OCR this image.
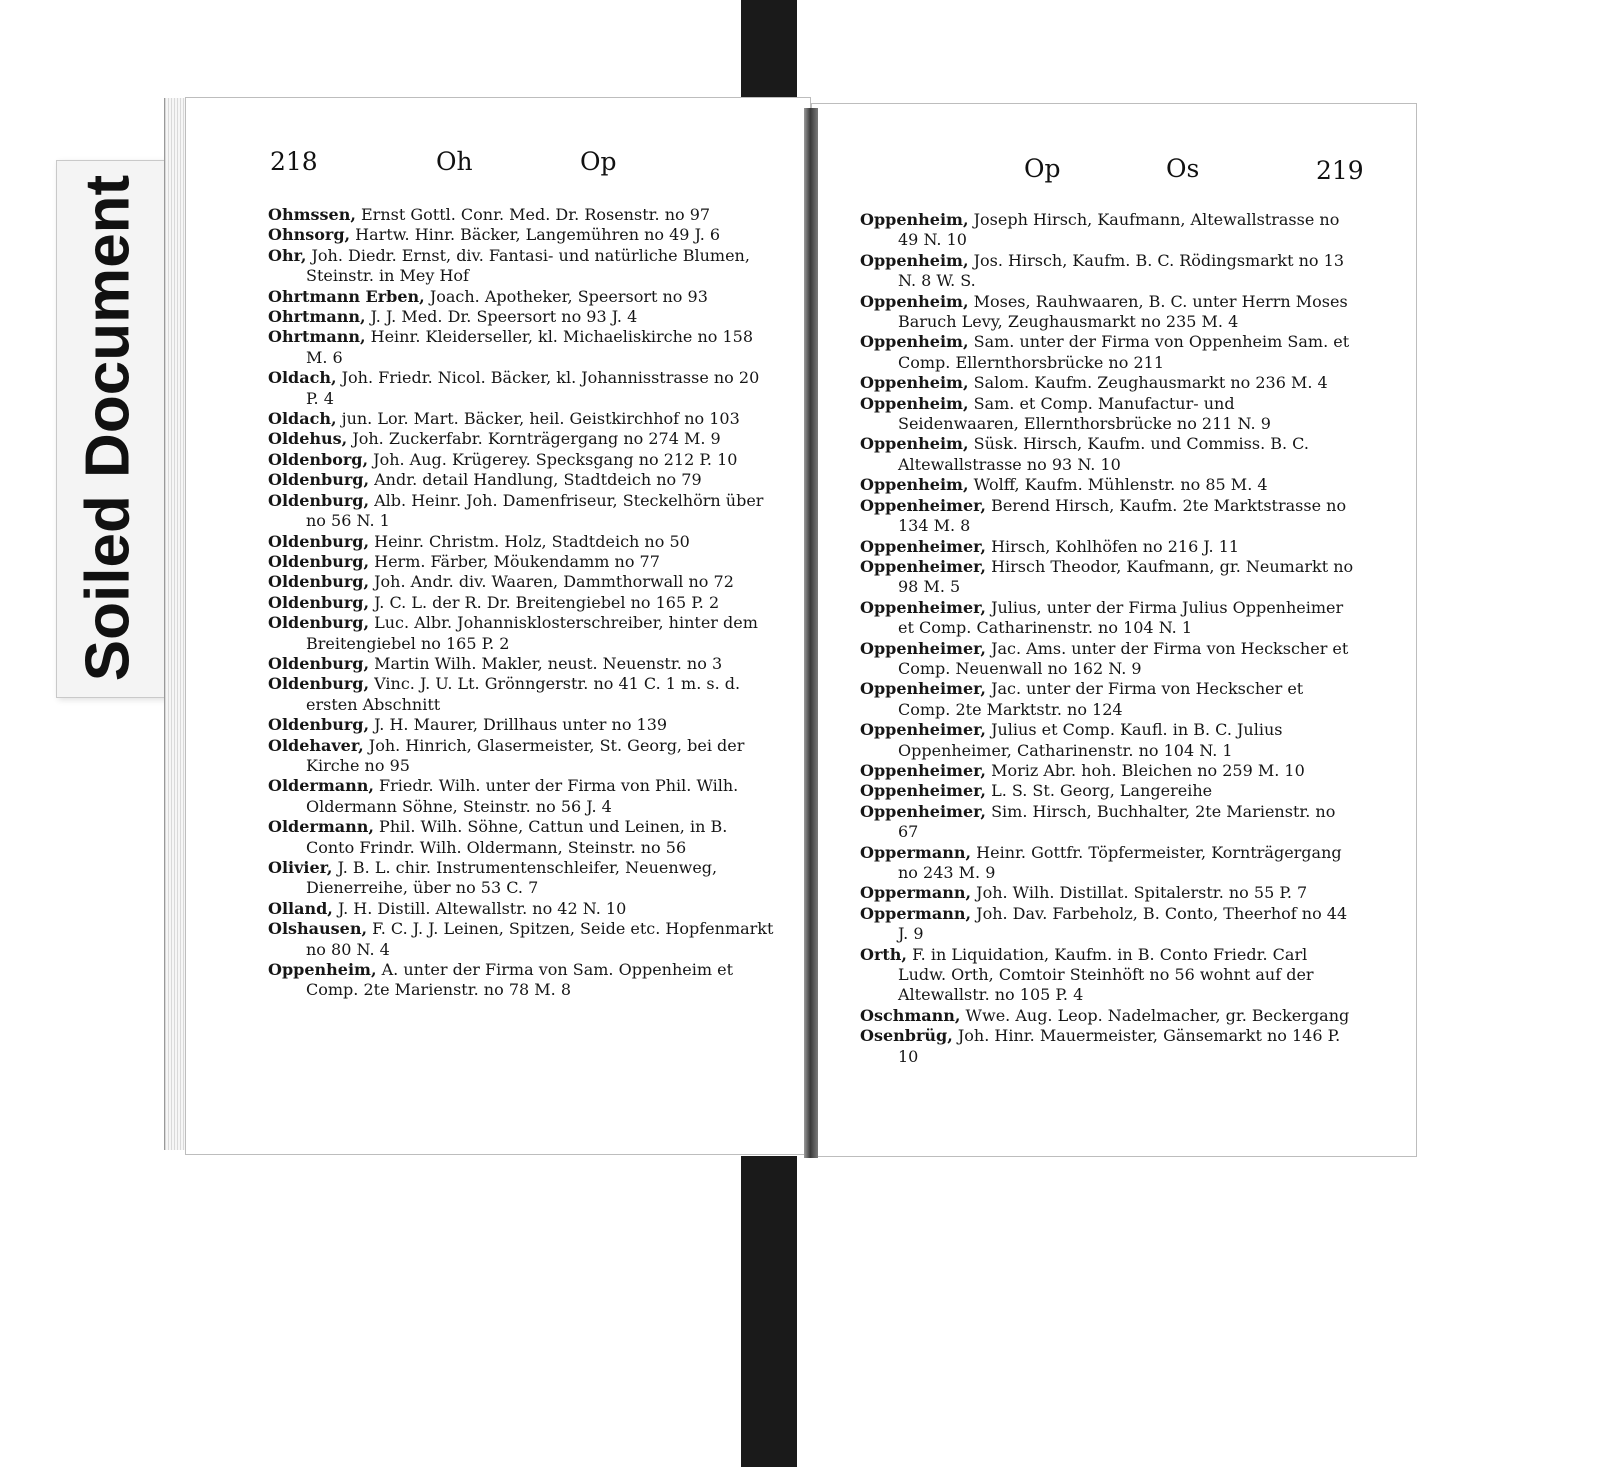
Soiled Document
218	Oh	Op	Op	Os	219

Ohmssen, Ernst Gottl. Conr. Med. Dr. Rosenstr. no 97

Ohnsorg, Hartw. Hinr. Bäcker, Langemühren no 49 J. 6

Ohr, Joh. Diedr. Ernst, div. Fantasi- und natürliche Blumen, Steinstr. in Mey Hof

Ohrtmann Erben, Joach. Apotheker, Speersort no 93

Ohrtmann, J. J. Med. Dr. Speersort no 93 J. 4

Ohrtmann, Heinr. Kleiderseller, kl. Michaeliskirche no 158 M. 6

Oldach, Joh. Friedr. Nicol. Bäcker, kl. Johannisstrasse no 20 P. 4

Oldach, jun. Lor. Mart. Bäcker, heil. Geistkirchhof no 103

Oldehus, Joh. Zuckerfabr. Kornträgergang no 274 M. 9

Oldenborg, Joh. Aug. Krügerey. Specksgang no 212 P. 10

Oldenburg, Andr. detail Handlung, Stadtdeich no 79

Oldenburg, Alb. Heinr. Joh. Damenfriseur, Steckelhörn über no 56 N. 1

Oldenburg, Heinr. Christm. Holz, Stadtdeich no 50

Oldenburg, Herm. Färber, Möukendamm no 77

Oldenburg, Joh. Andr. div. Waaren, Dammthorwall no 72

Oldenburg, J. C. L. der R. Dr. Breitengiebel no 165 P. 2

Oldenburg, Luc. Albr. Johannisklosterschreiber, hinter dem Breitengiebel no 165 P. 2

Oldenburg, Martin Wilh. Makler, neust. Neuenstr. no 3

Oldenburg, Vinc. J. U. Lt. Grönngerstr. no 41 C. 1 m. s. d. ersten Abschnitt

Oldenburg, J. H. Maurer, Drillhaus unter no 139

Oldehaver, Joh. Hinrich, Glasermeister, St. Georg, bei der Kirche no 95

Oldermann, Friedr. Wilh. unter der Firma von Phil. Wilh. Oldermann Söhne, Steinstr. no 56 J. 4

Oldermann, Phil. Wilh. Söhne, Cattun und Leinen, in B. Conto Frindr. Wilh. Oldermann, Steinstr. no 56

Olivier, J. B. L. chir. Instrumentenschleifer, Neuenweg, Dienerreihe, über no 53 C. 7

Olland, J. H. Distill. Altewallstr. no 42 N. 10

Olshausen, F. C. J. J. Leinen, Spitzen, Seide etc. Hopfenmarkt no 80 N. 4

Oppenheim, A. unter der Firma von Sam. Oppenheim et Comp. 2te Marienstr. no 78 M. 8

Oppenheim, Joseph Hirsch, Kaufmann, Altewallstrasse no 49 N. 10

Oppenheim, Jos. Hirsch, Kaufm. B. C. Rödingsmarkt no 13 N. 8 W. S.

Oppenheim, Moses, Rauhwaaren, B. C. unter Herrn Moses Baruch Levy, Zeughausmarkt no 235 M. 4

Oppenheim, Sam. unter der Firma von Oppenheim Sam. et Comp. Ellernthorsbrücke no 211

Oppenheim, Salom. Kaufm. Zeughausmarkt no 236 M. 4

Oppenheim, Sam. et Comp. Manufactur- und Seidenwaaren, Ellernthorsbrücke no 211 N. 9

Oppenheim, Süsk. Hirsch, Kaufm. und Commiss. B. C. Altewallstrasse no 93 N. 10

Oppenheim, Wolff, Kaufm. Mühlenstr. no 85 M. 4

Oppenheimer, Berend Hirsch, Kaufm. 2te Marktstrasse no 134 M. 8

Oppenheimer, Hirsch, Kohlhöfen no 216 J. 11

Oppenheimer, Hirsch Theodor, Kaufmann, gr. Neumarkt no 98 M. 5

Oppenheimer, Julius, unter der Firma Julius Oppenheimer et Comp. Catharinenstr. no 104 N. 1

Oppenheimer, Jac. Ams. unter der Firma von Heckscher et Comp. Neuenwall no 162 N. 9

Oppenheimer, Jac. unter der Firma von Heckscher et Comp. 2te Marktstr. no 124

Oppenheimer, Julius et Comp. Kaufl. in B. C. Julius Oppenheimer, Catharinenstr. no 104 N. 1

Oppenheimer, Moriz Abr. hoh. Bleichen no 259 M. 10

Oppenheimer, L. S. St. Georg, Langereihe

Oppenheimer, Sim. Hirsch, Buchhalter, 2te Marienstr. no 67

Oppermann, Heinr. Gottfr. Töpfermeister, Kornträgergang no 243 M. 9

Oppermann, Joh. Wilh. Distillat. Spitalerstr. no 55 P. 7

Oppermann, Joh. Dav. Farbeholz, B. Conto, Theerhof no 44 J. 9

Orth, F. in Liquidation, Kaufm. in B. Conto Friedr. Carl Ludw. Orth, Comtoir Steinhöft no 56 wohnt auf der Altewallstr. no 105 P. 4

Oschmann, Wwe. Aug. Leop. Nadelmacher, gr. Beckergang

Osenbrüg, Joh. Hinr. Mauermeister, Gänsemarkt no 146 P. 10
